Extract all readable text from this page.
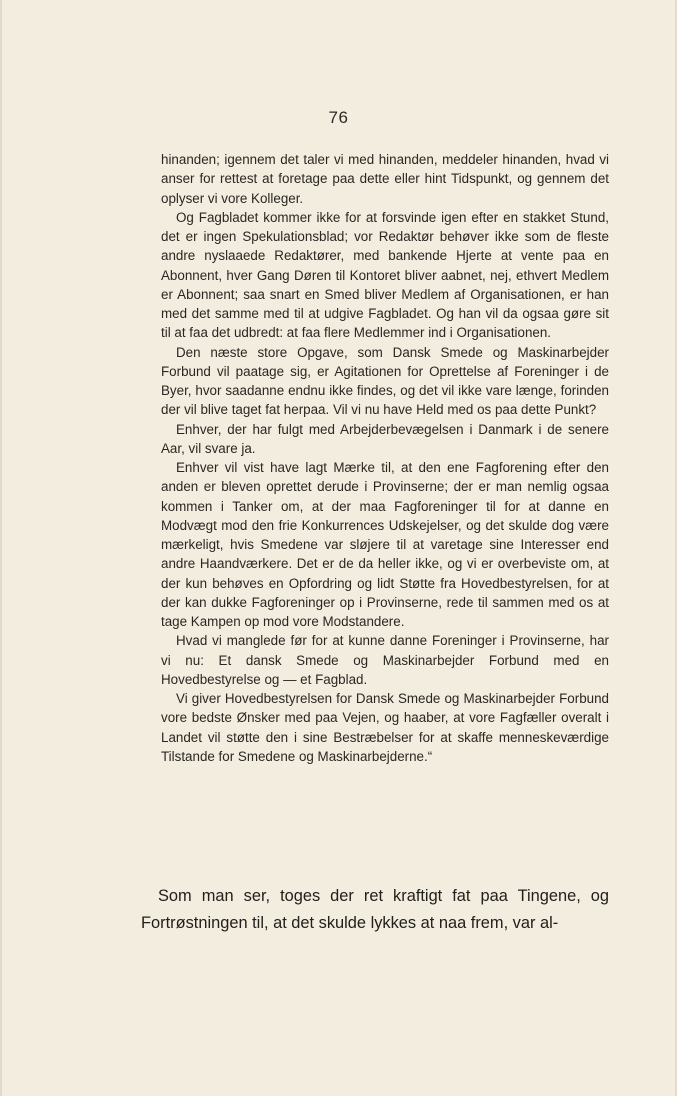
76

hinanden; igennem det taler vi med hinanden, meddeler hinanden, hvad vi anser for rettest at foretage paa dette eller hint Tidspunkt, og gennem det oplyser vi vore Kolleger.

Og Fagbladet kommer ikke for at forsvinde igen efter en stakket Stund, det er ingen Spekulationsblad; vor Redaktør behøver ikke som de fleste andre nyslaaede Redaktører, med bankende Hjerte at vente paa en Abonnent, hver Gang Døren til Kontoret bliver aabnet, nej, ethvert Medlem er Abonnent; saa snart en Smed bliver Medlem af Organisationen, er han med det samme med til at udgive Fagbladet. Og han vil da ogsaa gøre sit til at faa det udbredt: at faa flere Medlemmer ind i Organisationen.

Den næste store Opgave, som Dansk Smede og Maskinarbejder Forbund vil paatage sig, er Agitationen for Oprettelse af Foreninger i de Byer, hvor saadanne endnu ikke findes, og det vil ikke vare længe, forinden der vil blive taget fat herpaa. Vil vi nu have Held med os paa dette Punkt?

Enhver, der har fulgt med Arbejderbevægelsen i Danmark i de senere Aar, vil svare ja.

Enhver vil vist have lagt Mærke til, at den ene Fagforening efter den anden er bleven oprettet derude i Provinserne; der er man nemlig ogsaa kommen i Tanker om, at der maa Fagforeninger til for at danne en Modvægt mod den frie Konkurrences Udskejelser, og det skulde dog være mærkeligt, hvis Smedene var sløjere til at varetage sine Interesser end andre Haandværkere. Det er de da heller ikke, og vi er overbeviste om, at der kun behøves en Opfordring og lidt Støtte fra Hovedbestyrelsen, for at der kan dukke Fagforeninger op i Provinserne, rede til sammen med os at tage Kampen op mod vore Modstandere.

Hvad vi manglede før for at kunne danne Foreninger i Provinserne, har vi nu: Et dansk Smede og Maskinarbejder Forbund med en Hovedbestyrelse og — et Fagblad.

Vi giver Hovedbestyrelsen for Dansk Smede og Maskinarbejder Forbund vore bedste Ønsker med paa Vejen, og haaber, at vore Fagfæller overalt i Landet vil støtte den i sine Bestræbelser for at skaffe menneskeværdige Tilstande for Smedene og Maskinarbejderne.“

Som man ser, toges der ret kraftigt fat paa Tingene, og Fortrøstningen til, at det skulde lykkes at naa frem, var al-
